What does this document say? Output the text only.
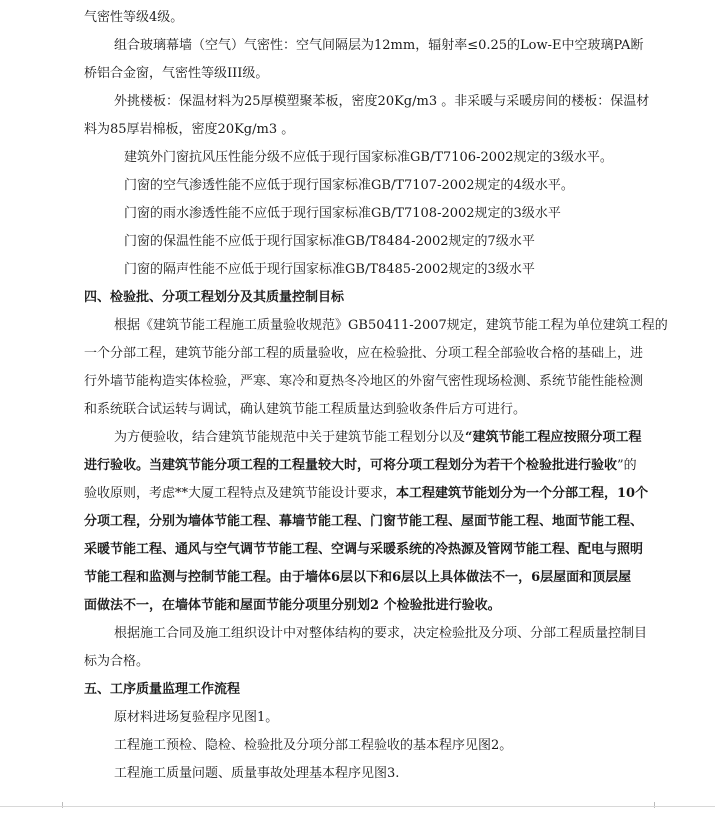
气密性等级4级。

组合玻璃幕墙（空气）气密性：空气间隔层为12mm，辐射率≤0.25的Low-E中空玻璃PA断

桥铝合金窗，气密性等级III级。

外挑楼板：保温材料为25厚模塑聚苯板，密度20Kg/m3 。非采暖与采暖房间的楼板：保温材

料为85厚岩棉板，密度20Kg/m3 。

建筑外门窗抗风压性能分级不应低于现行国家标准GB/T7106-2002规定的3级水平。

门窗的空气渗透性能不应低于现行国家标准GB/T7107-2002规定的4级水平。

门窗的雨水渗透性能不应低于现行国家标准GB/T7108-2002规定的3级水平

门窗的保温性能不应低于现行国家标准GB/T8484-2002规定的7级水平

门窗的隔声性能不应低于现行国家标准GB/T8485-2002规定的3级水平

四、检验批、分项工程划分及其质量控制目标

根据《建筑节能工程施工质量验收规范》GB50411-2007规定，建筑节能工程为单位建筑工程的

一个分部工程，建筑节能分部工程的质量验收，应在检验批、分项工程全部验收合格的基础上，进

行外墙节能构造实体检验，严寒、寒冷和夏热冬冷地区的外窗气密性现场检测、系统节能性能检测

和系统联合试运转与调试，确认建筑节能工程质量达到验收条件后方可进行。

为方便验收，结合建筑节能规范中关于建筑节能工程划分以及“建筑节能工程应按照分项工程

进行验收。当建筑节能分项工程的工程量较大时，可将分项工程划分为若干个检验批进行验收”的

验收原则，考虑**大厦工程特点及建筑节能设计要求，本工程建筑节能划分为一个分部工程，10个

分项工程，分别为墙体节能工程、幕墙节能工程、门窗节能工程、屋面节能工程、地面节能工程、

采暖节能工程、通风与空气调节节能工程、空调与采暖系统的冷热源及管网节能工程、配电与照明

节能工程和监测与控制节能工程。由于墙体6层以下和6层以上具体做法不一，6层屋面和顶层屋

面做法不一，在墙体节能和屋面节能分项里分别划2 个检验批进行验收。

根据施工合同及施工组织设计中对整体结构的要求，决定检验批及分项、分部工程质量控制目

标为合格。

五、工序质量监理工作流程

原材料进场复验程序见图1。

工程施工预检、隐检、检验批及分项分部工程验收的基本程序见图2。

工程施工质量问题、质量事故处理基本程序见图3.
